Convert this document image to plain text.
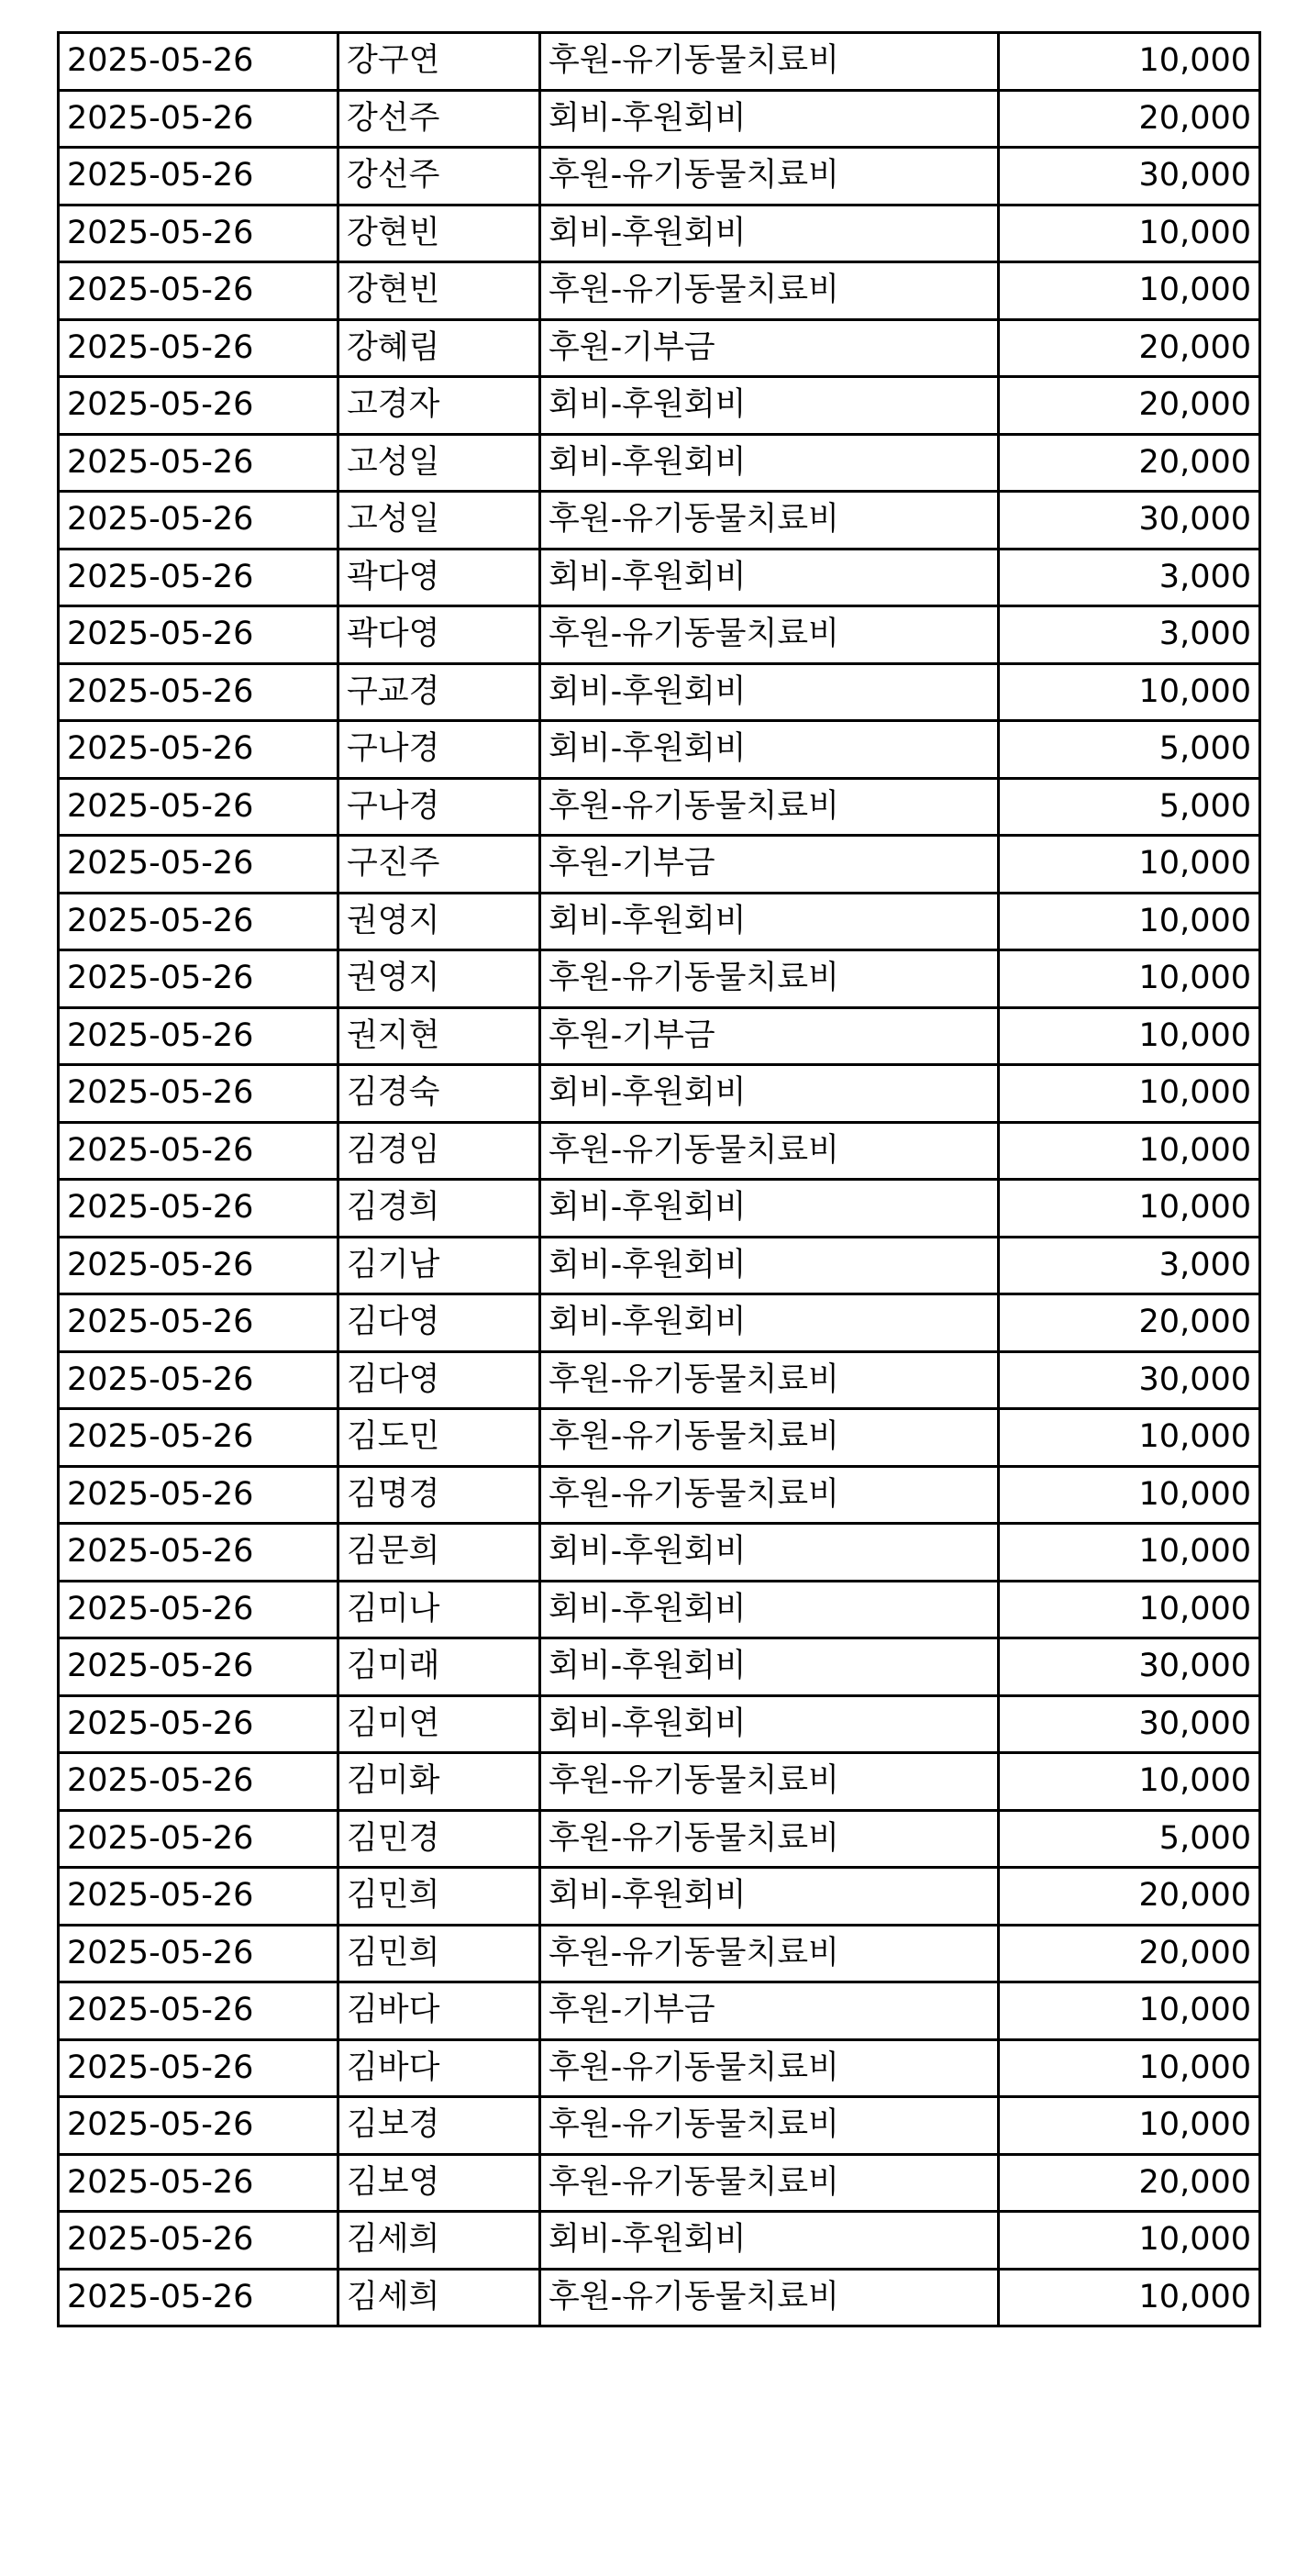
2025-05-26	강구연	후원-유기동물치료비	10,000
2025-05-26	강선주	회비-후원회비	20,000
2025-05-26	강선주	후원-유기동물치료비	30,000
2025-05-26	강현빈	회비-후원회비	10,000
2025-05-26	강현빈	후원-유기동물치료비	10,000
2025-05-26	강혜림	후원-기부금	20,000
2025-05-26	고경자	회비-후원회비	20,000
2025-05-26	고성일	회비-후원회비	20,000
2025-05-26	고성일	후원-유기동물치료비	30,000
2025-05-26	곽다영	회비-후원회비	3,000
2025-05-26	곽다영	후원-유기동물치료비	3,000
2025-05-26	구교경	회비-후원회비	10,000
2025-05-26	구나경	회비-후원회비	5,000
2025-05-26	구나경	후원-유기동물치료비	5,000
2025-05-26	구진주	후원-기부금	10,000
2025-05-26	권영지	회비-후원회비	10,000
2025-05-26	권영지	후원-유기동물치료비	10,000
2025-05-26	권지현	후원-기부금	10,000
2025-05-26	김경숙	회비-후원회비	10,000
2025-05-26	김경임	후원-유기동물치료비	10,000
2025-05-26	김경희	회비-후원회비	10,000
2025-05-26	김기남	회비-후원회비	3,000
2025-05-26	김다영	회비-후원회비	20,000
2025-05-26	김다영	후원-유기동물치료비	30,000
2025-05-26	김도민	후원-유기동물치료비	10,000
2025-05-26	김명경	후원-유기동물치료비	10,000
2025-05-26	김문희	회비-후원회비	10,000
2025-05-26	김미나	회비-후원회비	10,000
2025-05-26	김미래	회비-후원회비	30,000
2025-05-26	김미연	회비-후원회비	30,000
2025-05-26	김미화	후원-유기동물치료비	10,000
2025-05-26	김민경	후원-유기동물치료비	5,000
2025-05-26	김민희	회비-후원회비	20,000
2025-05-26	김민희	후원-유기동물치료비	20,000
2025-05-26	김바다	후원-기부금	10,000
2025-05-26	김바다	후원-유기동물치료비	10,000
2025-05-26	김보경	후원-유기동물치료비	10,000
2025-05-26	김보영	후원-유기동물치료비	20,000
2025-05-26	김세희	회비-후원회비	10,000
2025-05-26	김세희	후원-유기동물치료비	10,000
